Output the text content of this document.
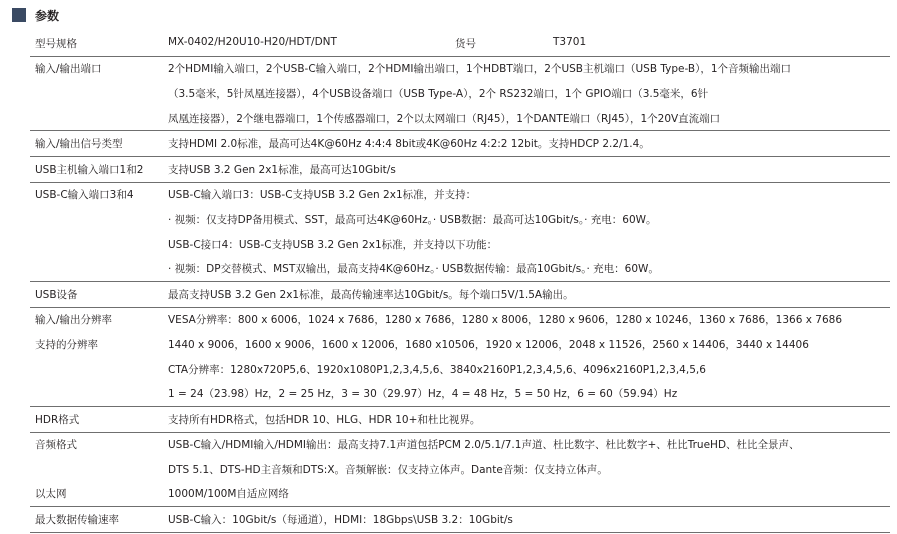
参数
型号规格	MX-0402/H20U10-H20/HDT/DNT	货号	T3701
输入/输出端口	2个HDMI输入端口，2个USB-C输入端口，2个HDMI输出端口，1个HDBT端口，2个USB主机端口（USB Type-B），1个音频输出端口
（3.5毫米，5针凤凰连接器），4个USB设备端口（USB Type-A），2个 RS232端口，1个 GPIO端口（3.5毫米，6针
凤凰连接器），2个继电器端口，1个传感器端口，2个以太网端口（RJ45），1个DANTE端口（RJ45），1个20V直流端口
输入/输出信号类型	支持HDMI 2.0标准，最高可达4K@60Hz 4:4:4 8bit或4K@60Hz 4:2:2 12bit。支持HDCP 2.2/1.4。
USB主机输入端口1和2	支持USB 3.2 Gen 2x1标准，最高可达10Gbit/s
USB-C输入端口3和4	USB-C输入端口3：USB-C支持USB 3.2 Gen 2x1标准，并支持：
· 视频：仅支持DP备用模式、SST，最高可达4K@60Hz。· USB数据：最高可达10Gbit/s。· 充电：60W。
USB-C接口4：USB-C支持USB 3.2 Gen 2x1标准，并支持以下功能：
· 视频：DP交替模式、MST双输出，最高支持4K@60Hz。· USB数据传输：最高10Gbit/s。· 充电：60W。
USB设备	最高支持USB 3.2 Gen 2x1标准，最高传输速率达10Gbit/s。每个端口5V/1.5A输出。
输入/输出分辨率	VESA分辨率：800 x 6006，1024 x 7686，1280 x 7686，1280 x 8006，1280 x 9606，1280 x 10246，1360 x 7686，1366 x 7686
支持的分辨率	1440 x 9006，1600 x 9006，1600 x 12006，1680 x10506，1920 x 12006，2048 x 11526，2560 x 14406，3440 x 14406
CTA分辨率：1280x720P5,6、1920x1080P1,2,3,4,5,6、3840x2160P1,2,3,4,5,6、4096x2160P1,2,3,4,5,6
1 = 24（23.98）Hz，2 = 25 Hz，3 = 30（29.97）Hz，4 = 48 Hz，5 = 50 Hz，6 = 60（59.94）Hz
HDR格式	支持所有HDR格式，包括HDR 10、HLG、HDR 10+和杜比视界。
音频格式	USB-C输入/HDMI输入/HDMI输出：最高支持7.1声道包括PCM 2.0/5.1/7.1声道、杜比数字、杜比数字+、杜比TrueHD、杜比全景声、
DTS 5.1、DTS-HD主音频和DTS:X。音频解嵌：仅支持立体声。Dante音频：仅支持立体声。
以太网	1000M/100M自适应网络
最大数据传输速率	USB-C输入：10Gbit/s（每通道），HDMI：18Gbps\USB 3.2：10Gbit/s
